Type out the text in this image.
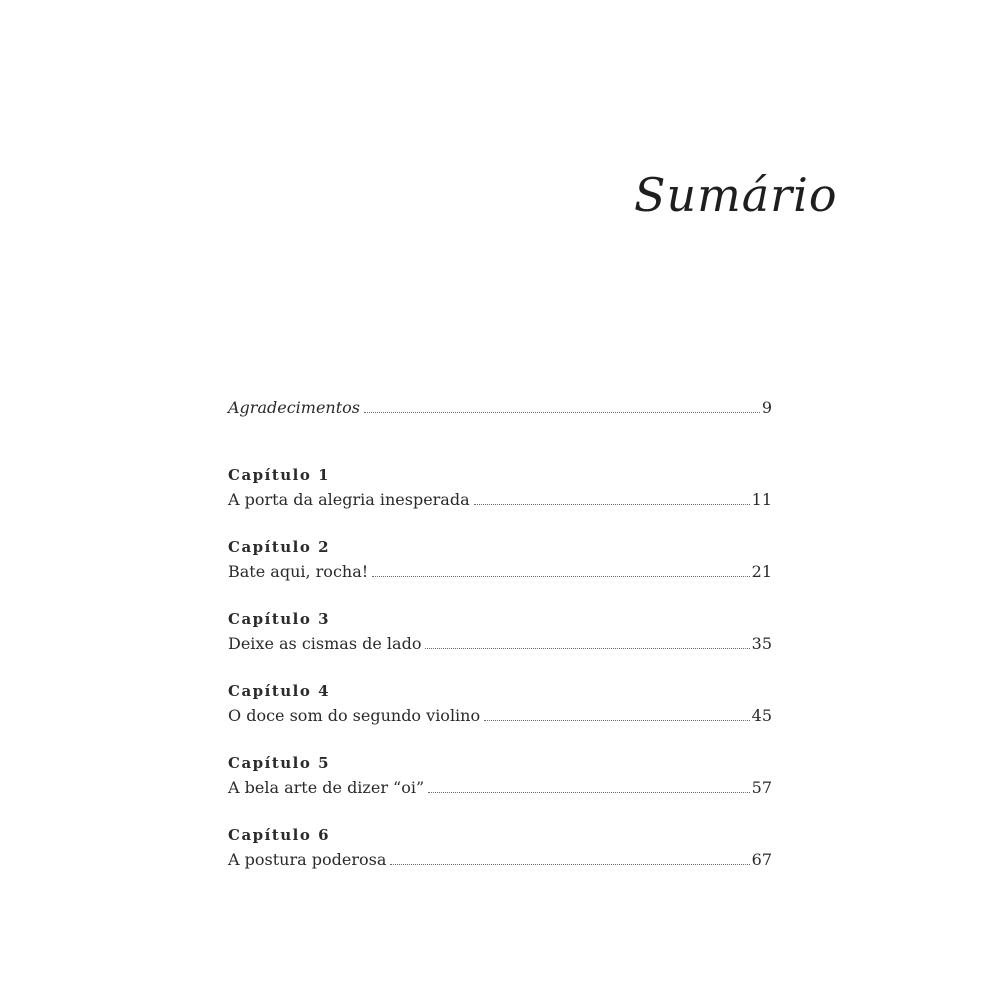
Sumário
Agradecimentos	9
Capítulo 1
A porta da alegria inesperada	11
Capítulo 2
Bate aqui, rocha!	21
Capítulo 3
Deixe as cismas de lado	35
Capítulo 4
O doce som do segundo violino	45
Capítulo 5
A bela arte de dizer “oi”	57
Capítulo 6
A postura poderosa	67
